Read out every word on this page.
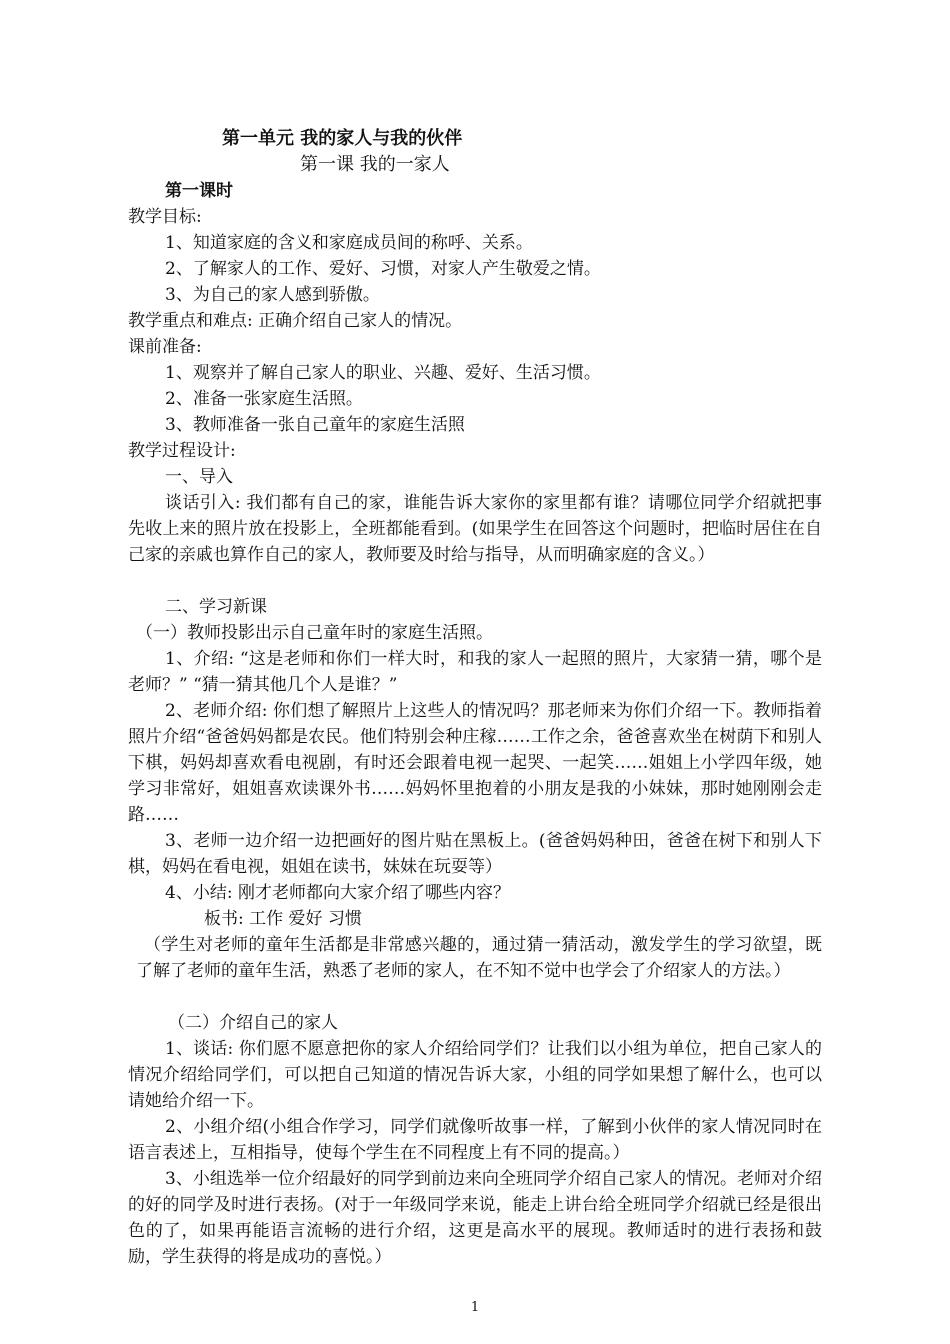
第一单元 我的家人与我的伙伴
第一课 我的一家人
第一课时
教学目标:
1、知道家庭的含义和家庭成员间的称呼、关系。
2、了解家人的工作、爱好、习惯，对家人产生敬爱之情。
3、为自己的家人感到骄傲。
教学重点和难点: 正确介绍自己家人的情况。
课前准备:
1、观察并了解自己家人的职业、兴趣、爱好、生活习惯。
2、准备一张家庭生活照。
3、教师准备一张自己童年的家庭生活照
教学过程设计:
一、导入
谈话引入: 我们都有自己的家，谁能告诉大家你的家里都有谁？请哪位同学介绍就把事先收上来的照片放在投影上，全班都能看到。(如果学生在回答这个问题时，把临时居住在自己家的亲戚也算作自己的家人，教师要及时给与指导，从而明确家庭的含义。）
二、学习新课
（一）教师投影出示自己童年时的家庭生活照。
1、介绍: “这是老师和你们一样大时，和我的家人一起照的照片，大家猜一猜，哪个是老师？” “猜一猜其他几个人是谁？”
2、老师介绍: 你们想了解照片上这些人的情况吗？那老师来为你们介绍一下。教师指着照片介绍“爸爸妈妈都是农民。他们特别会种庄稼……工作之余，爸爸喜欢坐在树荫下和别人下棋，妈妈却喜欢看电视剧，有时还会跟着电视一起哭、一起笑……姐姐上小学四年级，她学习非常好，姐姐喜欢读课外书……妈妈怀里抱着的小朋友是我的小妹妹，那时她刚刚会走路……
3、老师一边介绍一边把画好的图片贴在黑板上。(爸爸妈妈种田，爸爸在树下和别人下棋，妈妈在看电视，姐姐在读书，妹妹在玩耍等）
4、小结: 刚才老师都向大家介绍了哪些内容？
板书: 工作 爱好 习惯
（学生对老师的童年生活都是非常感兴趣的，通过猜一猜活动，激发学生的学习欲望，既了解了老师的童年生活，熟悉了老师的家人，在不知不觉中也学会了介绍家人的方法。）
（二）介绍自己的家人
1、谈话: 你们愿不愿意把你的家人介绍给同学们？让我们以小组为单位，把自己家人的情况介绍给同学们，可以把自己知道的情况告诉大家，小组的同学如果想了解什么，也可以请她给介绍一下。
2、小组介绍(小组合作学习，同学们就像听故事一样，了解到小伙伴的家人情况同时在语言表述上，互相指导，使每个学生在不同程度上有不同的提高。）
3、小组选举一位介绍最好的同学到前边来向全班同学介绍自己家人的情况。老师对介绍的好的同学及时进行表扬。(对于一年级同学来说，能走上讲台给全班同学介绍就已经是很出色的了，如果再能语言流畅的进行介绍，这更是高水平的展现。教师适时的进行表扬和鼓励，学生获得的将是成功的喜悦。）
1
